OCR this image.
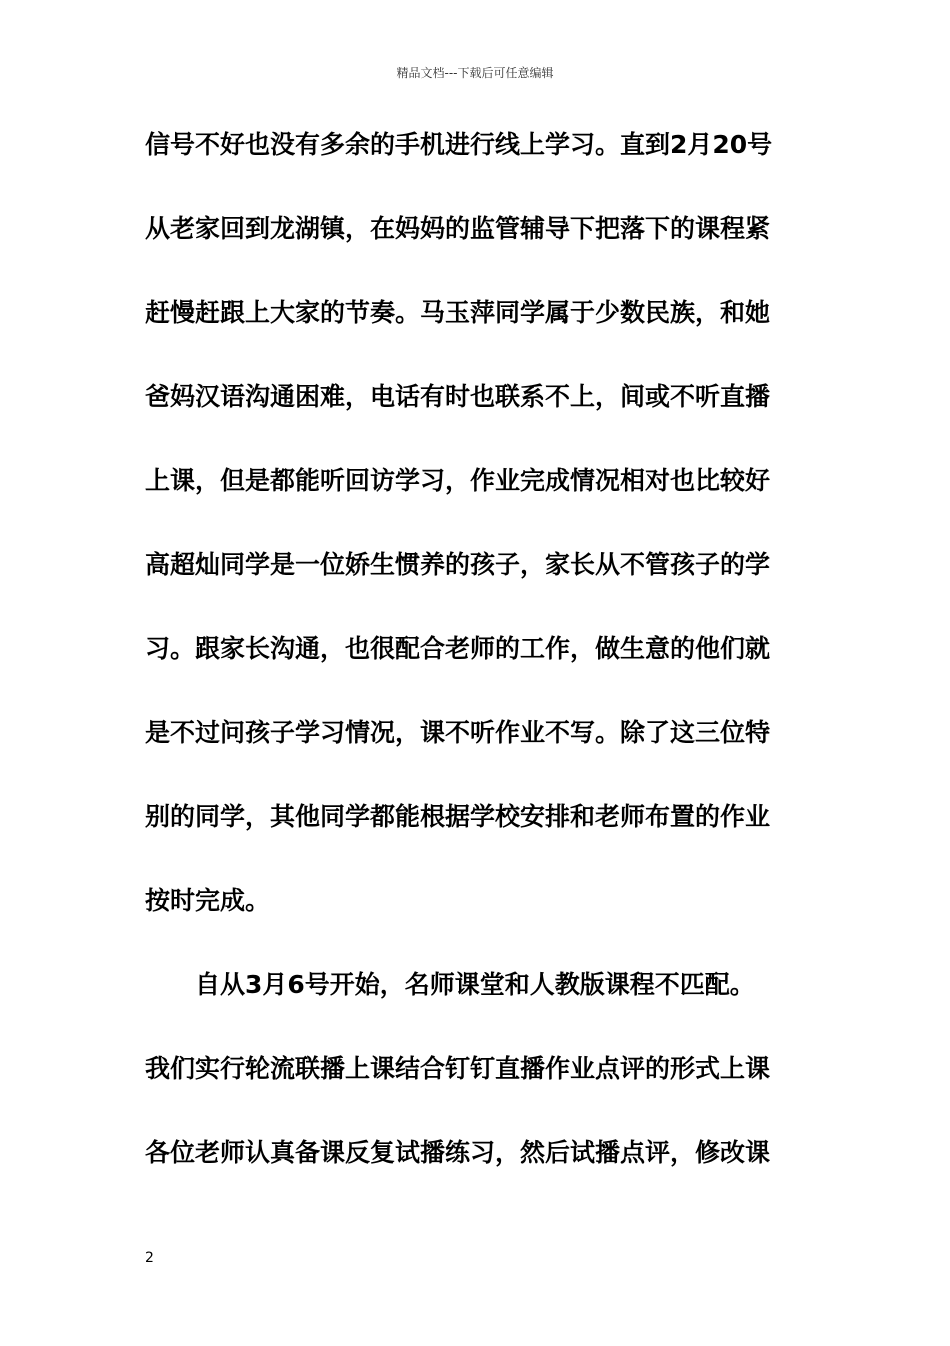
精品文档---下载后可任意编辑
信号不好也没有多余的手机进行线上学习。直到2月20号
从老家回到龙湖镇，在妈妈的监管辅导下把落下的课程紧
赶慢赶跟上大家的节奏。马玉萍同学属于少数民族，和她
爸妈汉语沟通困难，电话有时也联系不上，间或不听直播
上课，但是都能听回访学习，作业完成情况相对也比较好
高超灿同学是一位娇生惯养的孩子，家长从不管孩子的学
习。跟家长沟通，也很配合老师的工作，做生意的他们就
是不过问孩子学习情况，课不听作业不写。除了这三位特
别的同学，其他同学都能根据学校安排和老师布置的作业
按时完成。
自从3月6号开始，名师课堂和人教版课程不匹配。
我们实行轮流联播上课结合钉钉直播作业点评的形式上课
各位老师认真备课反复试播练习，然后试播点评，修改课
2
